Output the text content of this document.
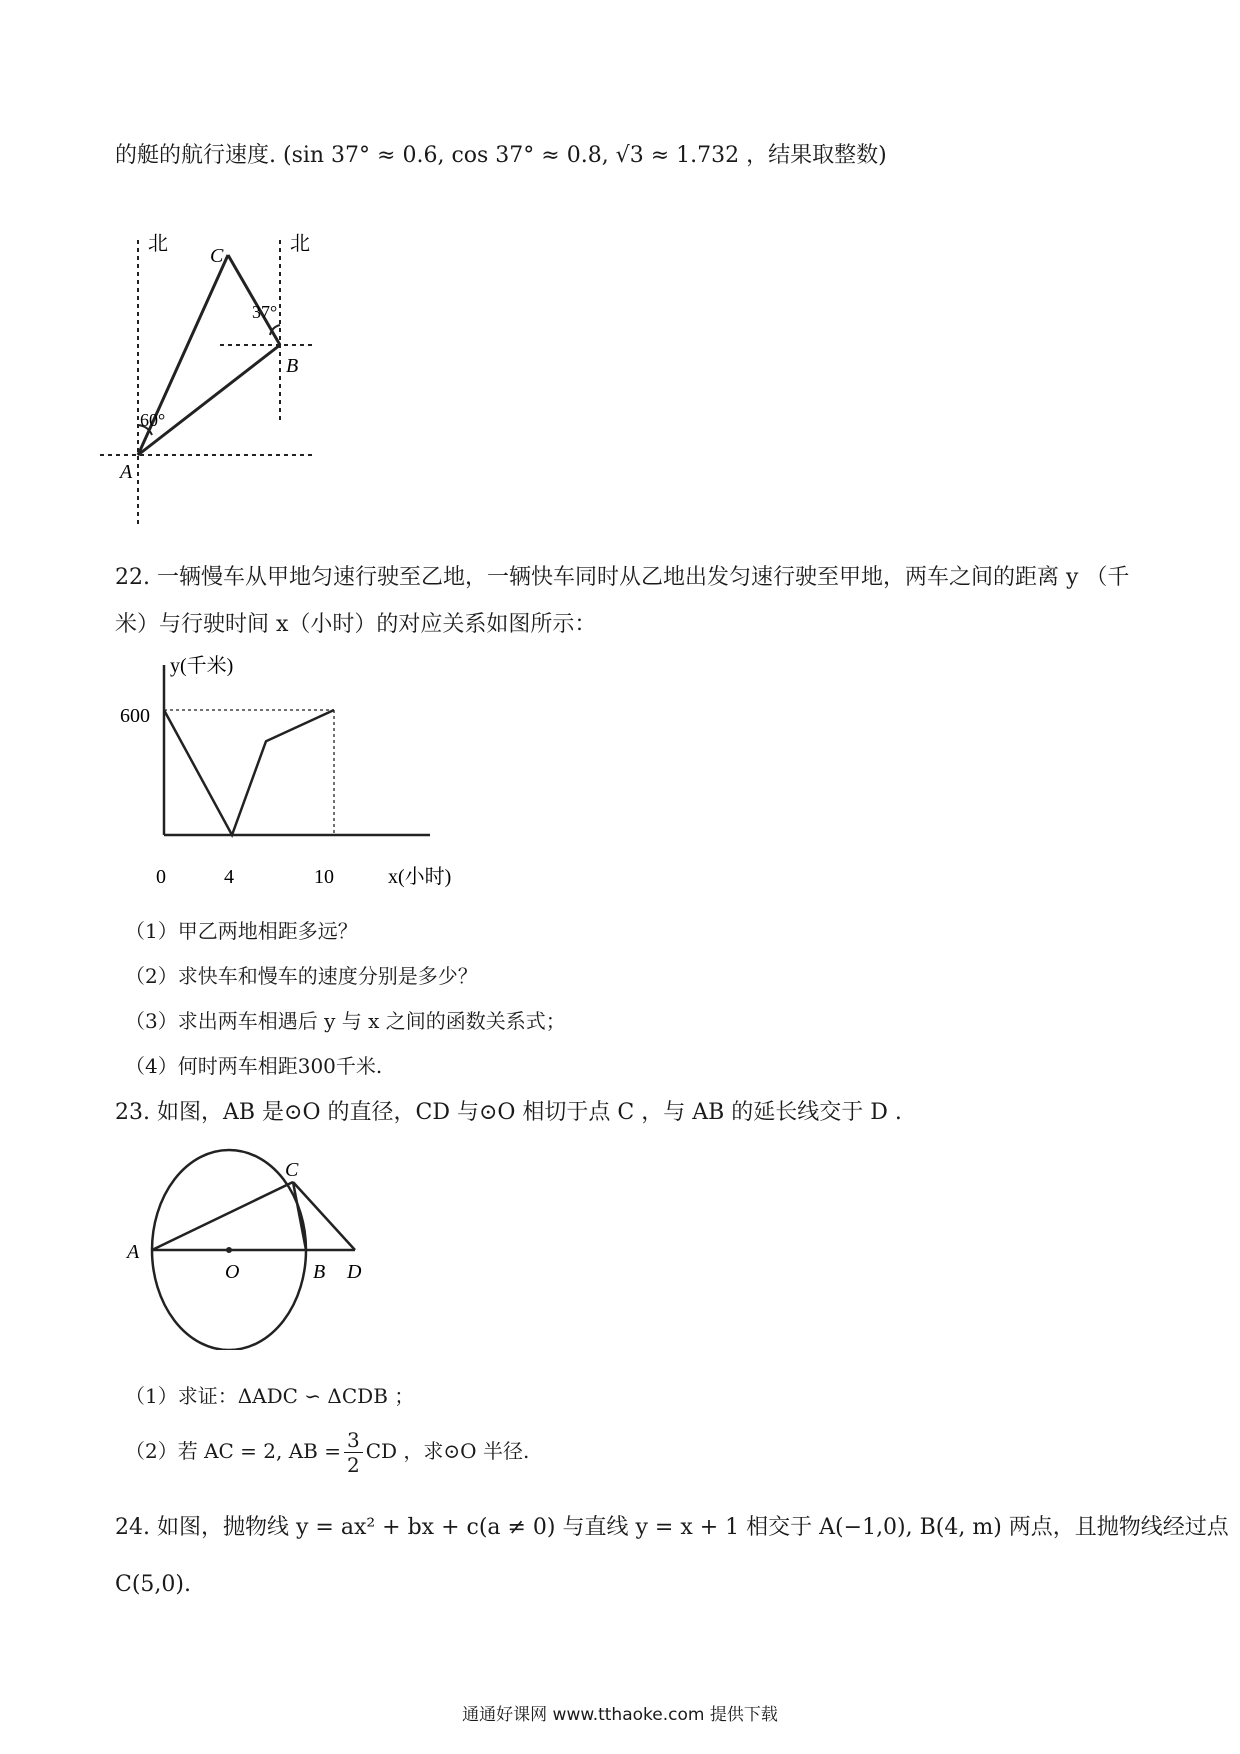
的艇的航行速度. (sin 37° ≈ 0.6, cos 37° ≈ 0.8, √3 ≈ 1.732 ，结果取整数)
北	北
C
B
A
37°
60°
22. 一辆慢车从甲地匀速行驶至乙地，一辆快车同时从乙地出发匀速行驶至甲地，两车之间的距离 y （千
米）与行驶时间 x（小时）的对应关系如图所示：
y(千米)
x(小时)
600
0	4	10
（1）甲乙两地相距多远？
（2）求快车和慢车的速度分别是多少？
（3）求出两车相遇后 y 与 x 之间的函数关系式；
（4）何时两车相距300千米.
23. 如图，AB 是⊙O 的直径，CD 与⊙O 相切于点 C ，与 AB 的延长线交于 D .
A
C
O	B D
（1）求证：ΔADC ∽ ΔCDB ；
（2）若 AC = 2, AB = $\frac{3}{2}$ CD ，求⊙O 半径.
24. 如图，抛物线 y = ax² + bx + c(a ≠ 0) 与直线 y = x + 1 相交于 A(−1,0), B(4, m) 两点，且抛物线经过点
C(5,0).
通通好课网 www.tthaoke.com 提供下载
